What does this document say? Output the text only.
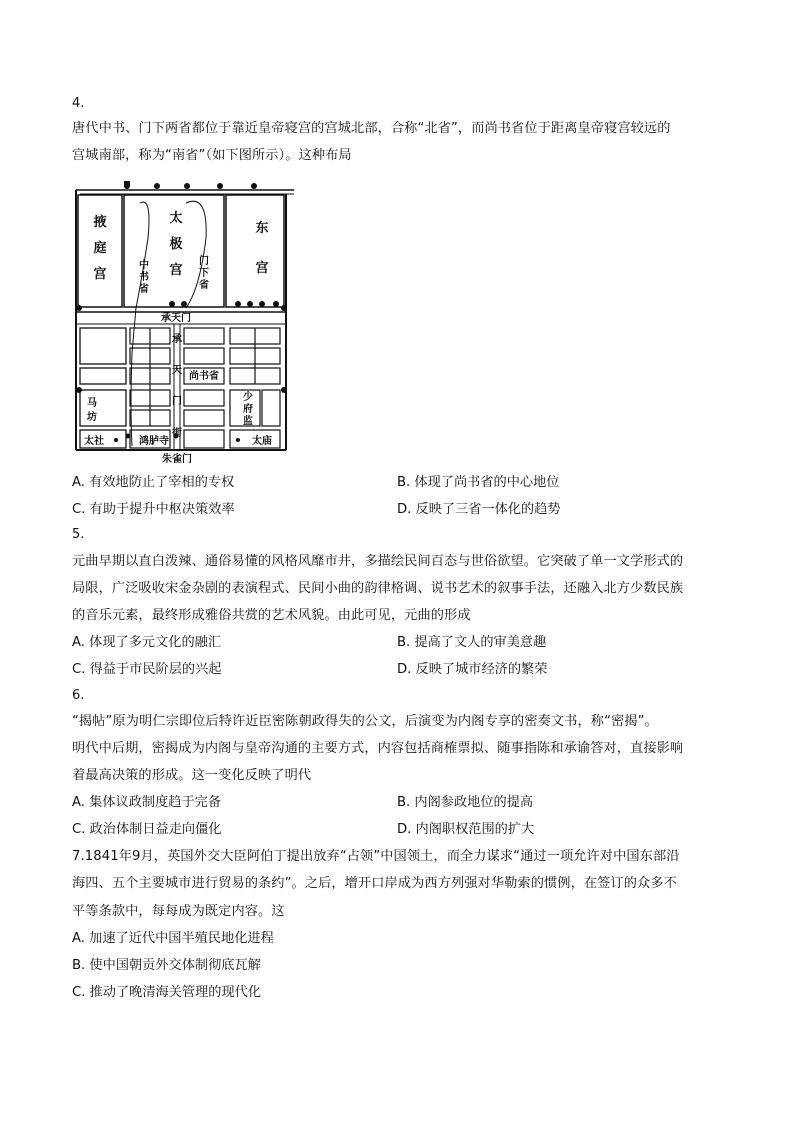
4.
唐代中书、门下两省都位于靠近皇帝寝宫的宫城北部，合称“北省”，而尚书省位于距离皇帝寝宫较远的
宫城南部，称为“南省”（如下图所示）。这种布局
掖
庭
宫
太
极
宫
东
宫
中
书
省
门
下
省
承天门
承
天
门
街
尚书省
马
坊
少
府
监
太社	鸿胪寺	太庙
朱雀门
A. 有效地防止了宰相的专权	B. 体现了尚书省的中心地位
C. 有助于提升中枢决策效率	D. 反映了三省一体化的趋势
5.
元曲早期以直白泼辣、通俗易懂的风格风靡市井，多描绘民间百态与世俗欲望。它突破了单一文学形式的
局限，广泛吸收宋金杂剧的表演程式、民间小曲的韵律格调、说书艺术的叙事手法，还融入北方少数民族
的音乐元素，最终形成雅俗共赏的艺术风貌。由此可见，元曲的形成
A. 体现了多元文化的融汇	B. 提高了文人的审美意趣
C. 得益于市民阶层的兴起	D. 反映了城市经济的繁荣
6.
“揭帖”原为明仁宗即位后特许近臣密陈朝政得失的公文，后演变为内阁专享的密奏文书，称“密揭”。
明代中后期，密揭成为内阁与皇帝沟通的主要方式，内容包括商榷票拟、随事指陈和承谕答对，直接影响
着最高决策的形成。这一变化反映了明代
A. 集体议政制度趋于完备	B. 内阁参政地位的提高
C. 政治体制日益走向僵化	D. 内阁职权范围的扩大
7.1841年9月，英国外交大臣阿伯丁提出放弃“占领”中国领土，而全力谋求“通过一项允许对中国东部沿
海四、五个主要城市进行贸易的条约”。之后，增开口岸成为西方列强对华勒索的惯例，在签订的众多不
平等条款中，每每成为既定内容。这
A. 加速了近代中国半殖民地化进程
B. 使中国朝贡外交体制彻底瓦解
C. 推动了晚清海关管理的现代化
